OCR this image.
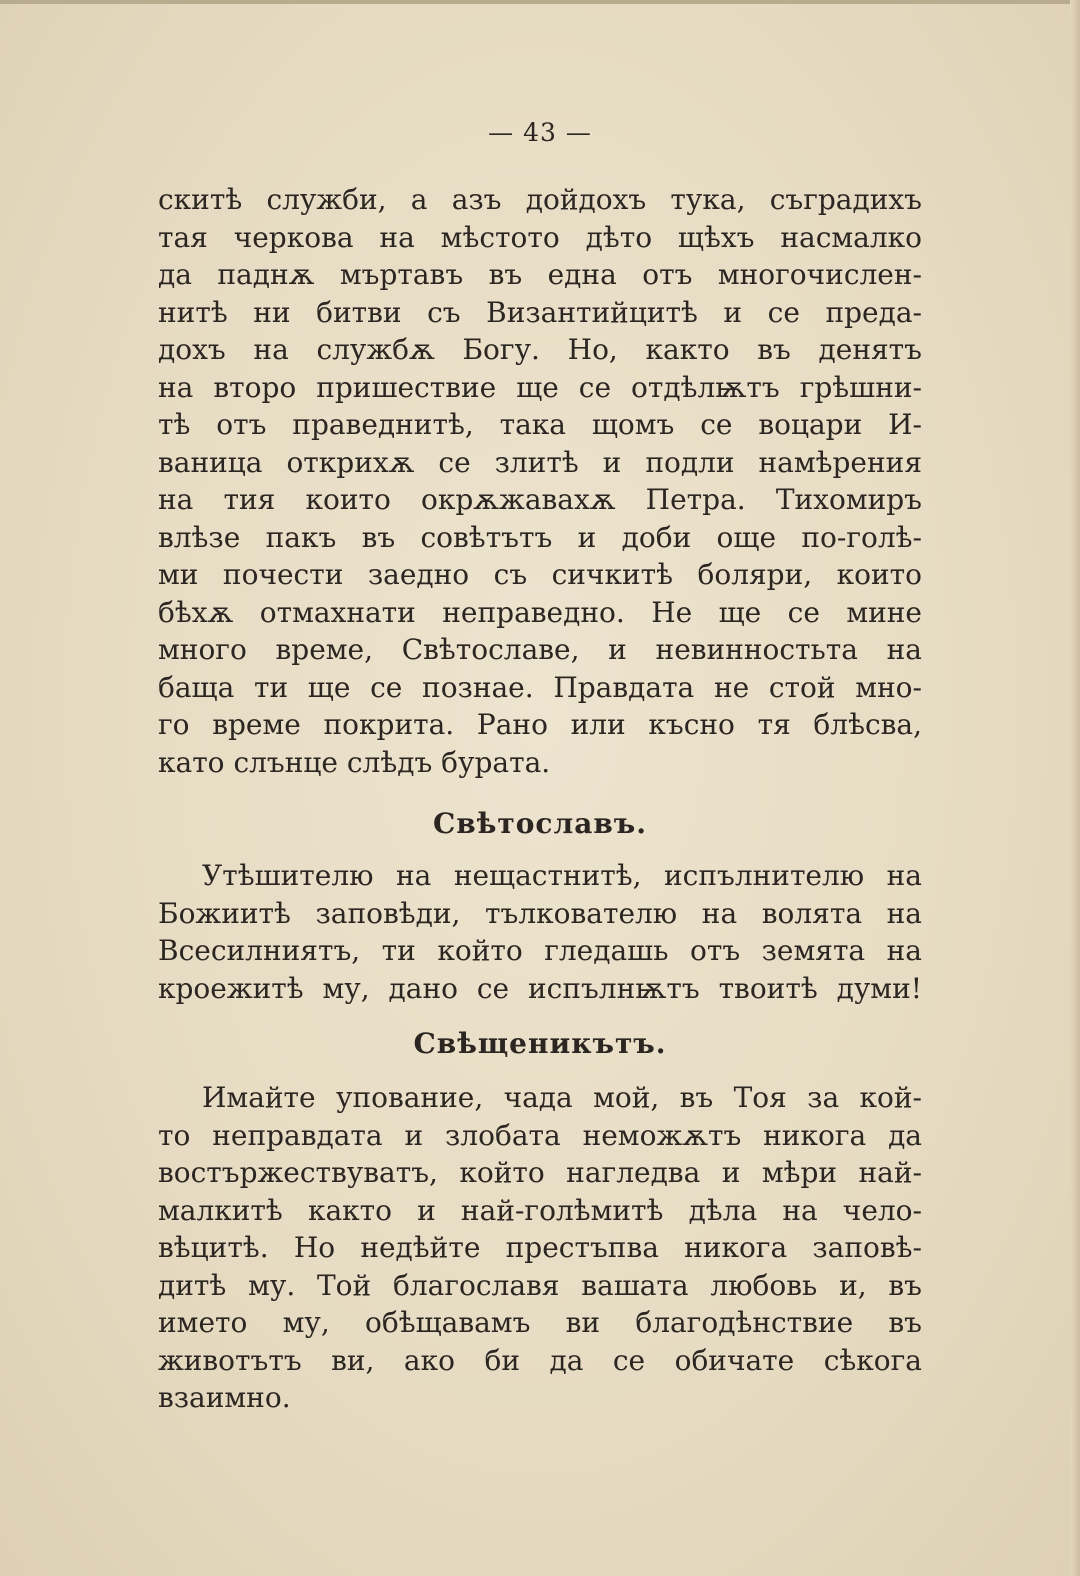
— 43 —
скитѣ служби, а азъ дойдохъ тука, съградихъ
тая черкова на мѣстото дѣто щѣхъ насмалко
да паднѫ мъртавъ въ една отъ многочислен-
нитѣ ни битви съ Византийцитѣ и се преда-
дохъ на службѫ Богу. Но, както въ денятъ
на второ пришествие ще се отдѣлѭтъ грѣшни-
тѣ отъ праведнитѣ, така щомъ се воцари И-
ваница открихѫ се злитѣ и подли намѣрения
на тия които окрѫжавахѫ Петра. Тихомиръ
влѣзе пакъ въ совѣтътъ и доби още по-голѣ-
ми почести заедно съ сичкитѣ боляри, които
бѣхѫ отмахнати неправедно. Не ще се мине
много време, Свѣтославе, и невинностьта на
баща ти ще се познае. Правдата не стой мно-
го време покрита. Рано или късно тя блѣсва,
като слънце слѣдъ бурата.
Свѣтославъ.
Утѣшителю на нещастнитѣ, испълнителю на
Божиитѣ заповѣди, тълкователю на волята на
Всесилниятъ, ти който гледашь отъ земята на
кроежитѣ му, дано се испълнѭтъ твоитѣ думи!
Свѣщеникътъ.
Имайте упование, чада мой, въ Тоя за кой-
то неправдата и злобата неможѫтъ никога да
востържествуватъ, който нагледва и мѣри най-
малкитѣ както и най-голѣмитѣ дѣла на чело-
вѣцитѣ. Но недѣйте престъпва никога заповѣ-
дитѣ му. Той благославя вашата любовь и, въ
името му, обѣщавамъ ви благодѣнствие въ
животътъ ви, ако би да се обичате сѣкога
взаимно.
